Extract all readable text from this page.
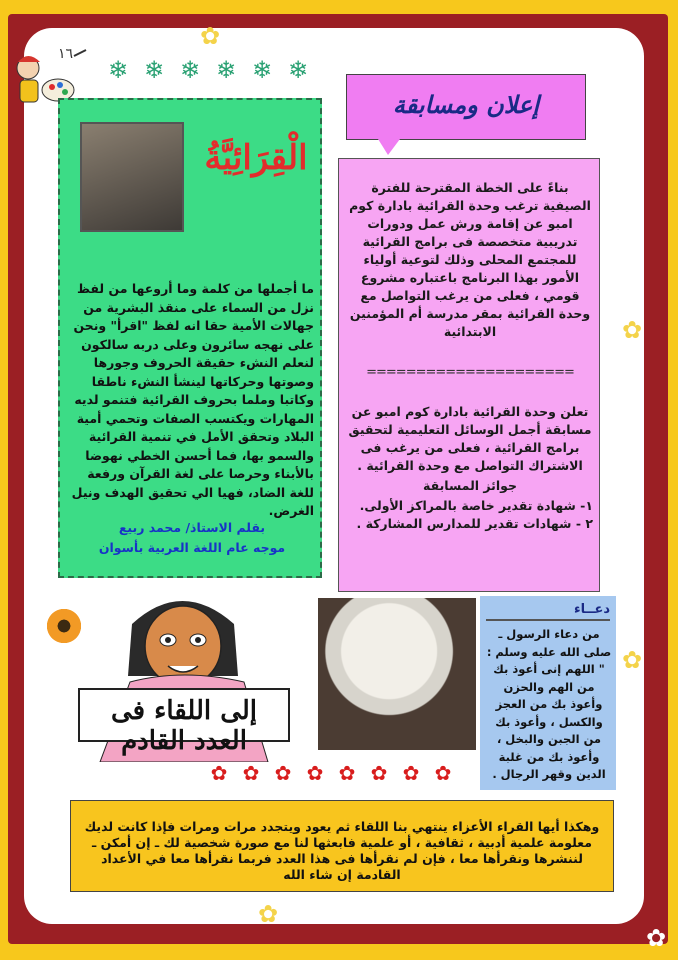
✿
✿
✿
✿
✿
١٦
❄ ❄ ❄ ❄ ❄ ❄
الْقِرَائِيَّةُ
ما أجملها من كلمة وما أروعها من لفظ نزل من السماء على منقذ البشرية من جهالات الأمية حقا انه لفظ "اقرأ" ونحن على نهجه سائرون وعلى دربه سالكون لنعلم النشء حقيقة الحروف وجورها وصوتها وحركاتها لينشأ النشء ناطقا وكاتبا وملما بحروف القرائية فتنمو لديه المهارات ويكتسب الصفات وتحمي أمية البلاد وتحقق الأمل في تنمية القرائية والسمو بها، فما أحسن الخطي نهوضا بالأبناء وحرصا على لغة القرآن ورفعة للغة الضاد، فهيا الي تحقيق الهدف ونيل الغرض.
بقلم الاستاذ/ محمد ربيع
موجه عام اللغة العربية بأسوان
إعلان ومسابقة
بناءً على الخطة المقترحة للفترة الصيفية ترغب وحدة القرائية بادارة كوم امبو عن إقامة ورش عمل ودورات تدريبية متخصصة فى برامج القرائية للمجتمع المحلى وذلك لتوعية أولياء الأمور بهذا البرنامج باعتباره مشروع قومي ، فعلى من يرغب التواصل مع وحدة القرائية بمقر مدرسة أم المؤمنين الابتدائية
=====================
تعلن وحدة القرائية بادارة كوم امبو عن مسابقة أجمل الوسائل التعليمية لتحقيق برامج القرائية ، فعلى من يرغب فى الاشتراك التواصل مع وحدة القرائية .
جوائز المسابقة
١- شهادة تقدير خاصة بالمراكز الأولى.
٢ - شهادات تقدير للمدارس المشاركة .
دعــاء
من دعاء الرسول ـ صلى الله عليه وسلم : " اللهم إنى أعوذ بك من الهم والحزن وأعوذ بك من العجز والكسل ، وأعوذ بك من الجبن والبخل ، وأعوذ بك من غلبة الدين وقهر الرجال .
إلى اللقاء فى العدد القادم
✿ ✿ ✿ ✿ ✿ ✿ ✿ ✿
وهكذا أيها القراء الأعزاء ينتهي بنا اللقاء ثم يعود ويتجدد مرات ومرات فإذا كانت لديك معلومة علمية أدبية ، ثقافية ، أو علمية فابعثها لنا مع صورة شخصية لك ـ إن أمكن ـ لننشرها ونقرأها معا ، فإن لم نقرأها فى هذا العدد فربما نقرأها معا في الأعداد القادمة إن شاء الله
